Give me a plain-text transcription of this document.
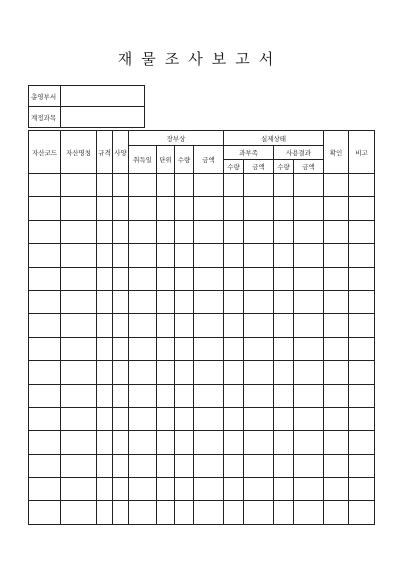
재물조사보고서
총영부서	
계정과목	
자산코드	자산명칭	규격	사양	장부상				실제상태				확인	비고
				취득일	단위	수량	금액	과부족		사용결과			
								수량	금액	수량	금액		
